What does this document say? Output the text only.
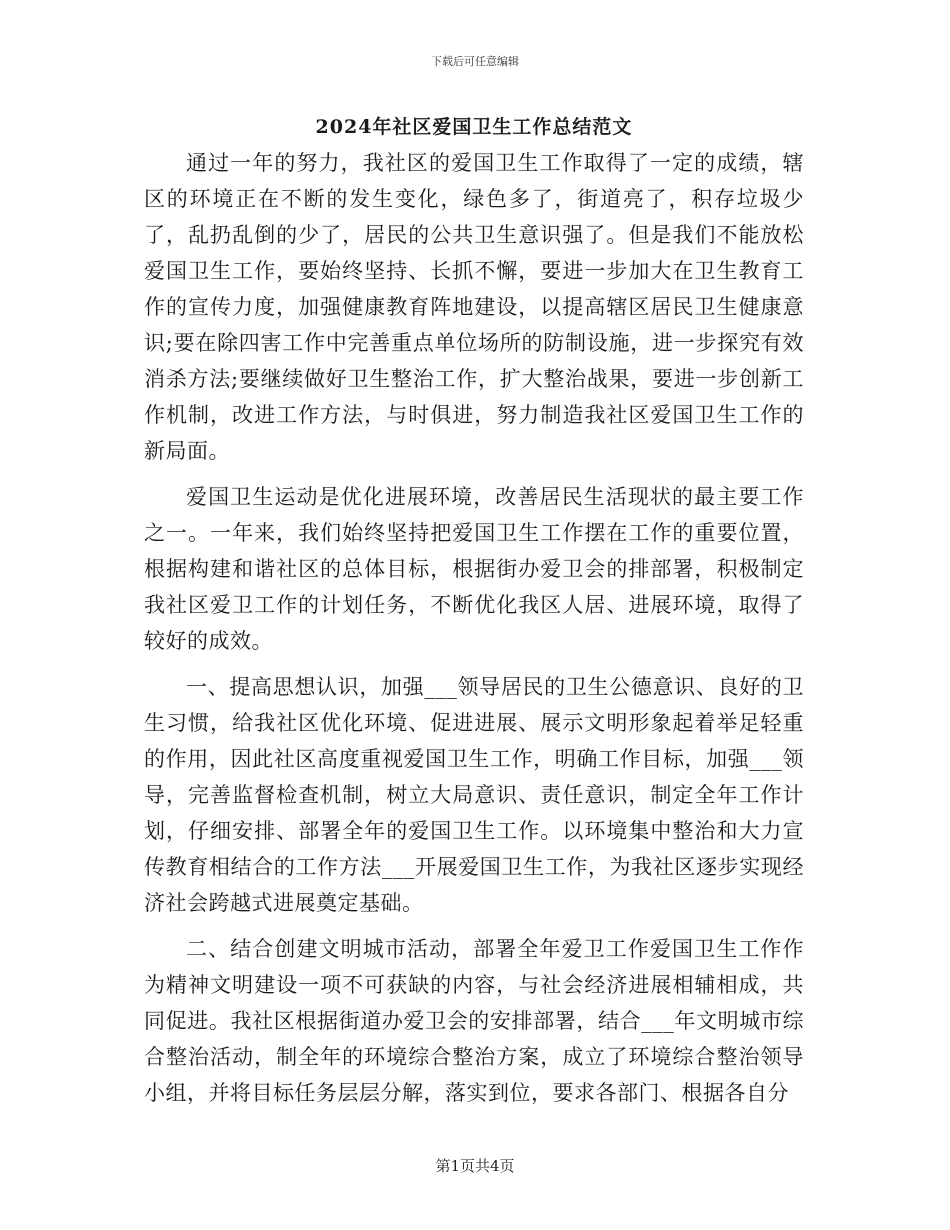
下载后可任意编辑
2024年社区爱国卫生工作总结范文

通过一年的努力，我社区的爱国卫生工作取得了一定的成绩，辖区的环境正在不断的发生变化，绿色多了，街道亮了，积存垃圾少了，乱扔乱倒的少了，居民的公共卫生意识强了。但是我们不能放松爱国卫生工作，要始终坚持、长抓不懈，要进一步加大在卫生教育工作的宣传力度，加强健康教育阵地建设，以提高辖区居民卫生健康意识;要在除四害工作中完善重点单位场所的防制设施，进一步探究有效消杀方法;要继续做好卫生整治工作，扩大整治战果，要进一步创新工作机制，改进工作方法，与时俱进，努力制造我社区爱国卫生工作的新局面。

爱国卫生运动是优化进展环境，改善居民生活现状的最主要工作之一。一年来，我们始终坚持把爱国卫生工作摆在工作的重要位置，根据构建和谐社区的总体目标，根据街办爱卫会的排部署，积极制定我社区爱卫工作的计划任务，不断优化我区人居、进展环境，取得了较好的成效。

一、提高思想认识，加强___领导居民的卫生公德意识、良好的卫生习惯，给我社区优化环境、促进进展、展示文明形象起着举足轻重的作用，因此社区高度重视爱国卫生工作，明确工作目标，加强___领导，完善监督检查机制，树立大局意识、责任意识，制定全年工作计划，仔细安排、部署全年的爱国卫生工作。以环境集中整治和大力宣传教育相结合的工作方法___开展爱国卫生工作，为我社区逐步实现经济社会跨越式进展奠定基础。

二、结合创建文明城市活动，部署全年爱卫工作爱国卫生工作作为精神文明建设一项不可获缺的内容，与社会经济进展相辅相成，共同促进。我社区根据街道办爱卫会的安排部署，结合___年文明城市综合整治活动，制全年的环境综合整治方案，成立了环境综合整治领导小组，并将目标任务层层分解，落实到位，要求各部门、根据各自分

第1页共4页
